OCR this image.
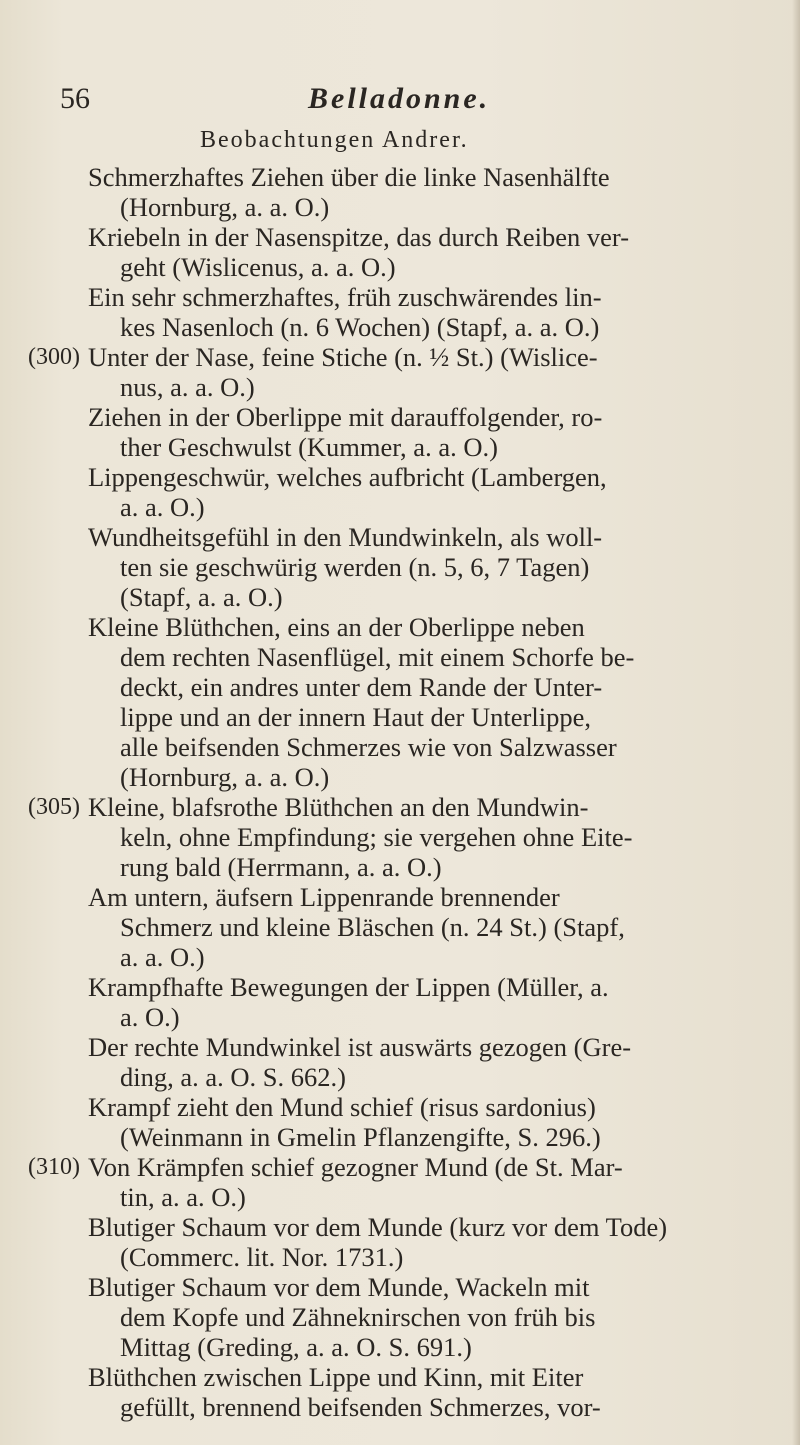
56	Belladonne.
Beobachtungen Andrer.
Schmerzhaftes Ziehen über die linke Nasenhälfte
(Hornburg, a. a. O.)
Kriebeln in der Nasenspitze, das durch Reiben ver-
geht (Wislicenus, a. a. O.)
Ein sehr schmerzhaftes, früh zuschwärendes lin-
kes Nasenloch (n. 6 Wochen) (Stapf, a. a. O.)
(300) Unter der Nase, feine Stiche (n. ½ St.) (Wislice-
nus, a. a. O.)
Ziehen in der Oberlippe mit darauffolgender, ro-
ther Geschwulst (Kummer, a. a. O.)
Lippengeschwür, welches aufbricht (Lambergen,
a. a. O.)
Wundheitsgefühl in den Mundwinkeln, als woll-
ten sie geschwürig werden (n. 5, 6, 7 Tagen)
(Stapf, a. a. O.)
Kleine Blüthchen, eins an der Oberlippe neben
dem rechten Nasenflügel, mit einem Schorfe be-
deckt, ein andres unter dem Rande der Unter-
lippe und an der innern Haut der Unterlippe,
alle beifsenden Schmerzes wie von Salzwasser
(Hornburg, a. a. O.)
(305) Kleine, blafsrothe Blüthchen an den Mundwin-
keln, ohne Empfindung; sie vergehen ohne Eite-
rung bald (Herrmann, a. a. O.)
Am untern, äufsern Lippenrande brennender
Schmerz und kleine Bläschen (n. 24 St.) (Stapf,
a. a. O.)
Krampfhafte Bewegungen der Lippen (Müller, a.
a. O.)
Der rechte Mundwinkel ist auswärts gezogen (Gre-
ding, a. a. O. S. 662.)
Krampf zieht den Mund schief (risus sardonius)
(Weinmann in Gmelin Pflanzengifte, S. 296.)
(310) Von Krämpfen schief gezogner Mund (de St. Mar-
tin, a. a. O.)
Blutiger Schaum vor dem Munde (kurz vor dem Tode)
(Commerc. lit. Nor. 1731.)
Blutiger Schaum vor dem Munde, Wackeln mit
dem Kopfe und Zähneknirschen von früh bis
Mittag (Greding, a. a. O. S. 691.)
Blüthchen zwischen Lippe und Kinn, mit Eiter
gefüllt, brennend beifsenden Schmerzes, vor-
